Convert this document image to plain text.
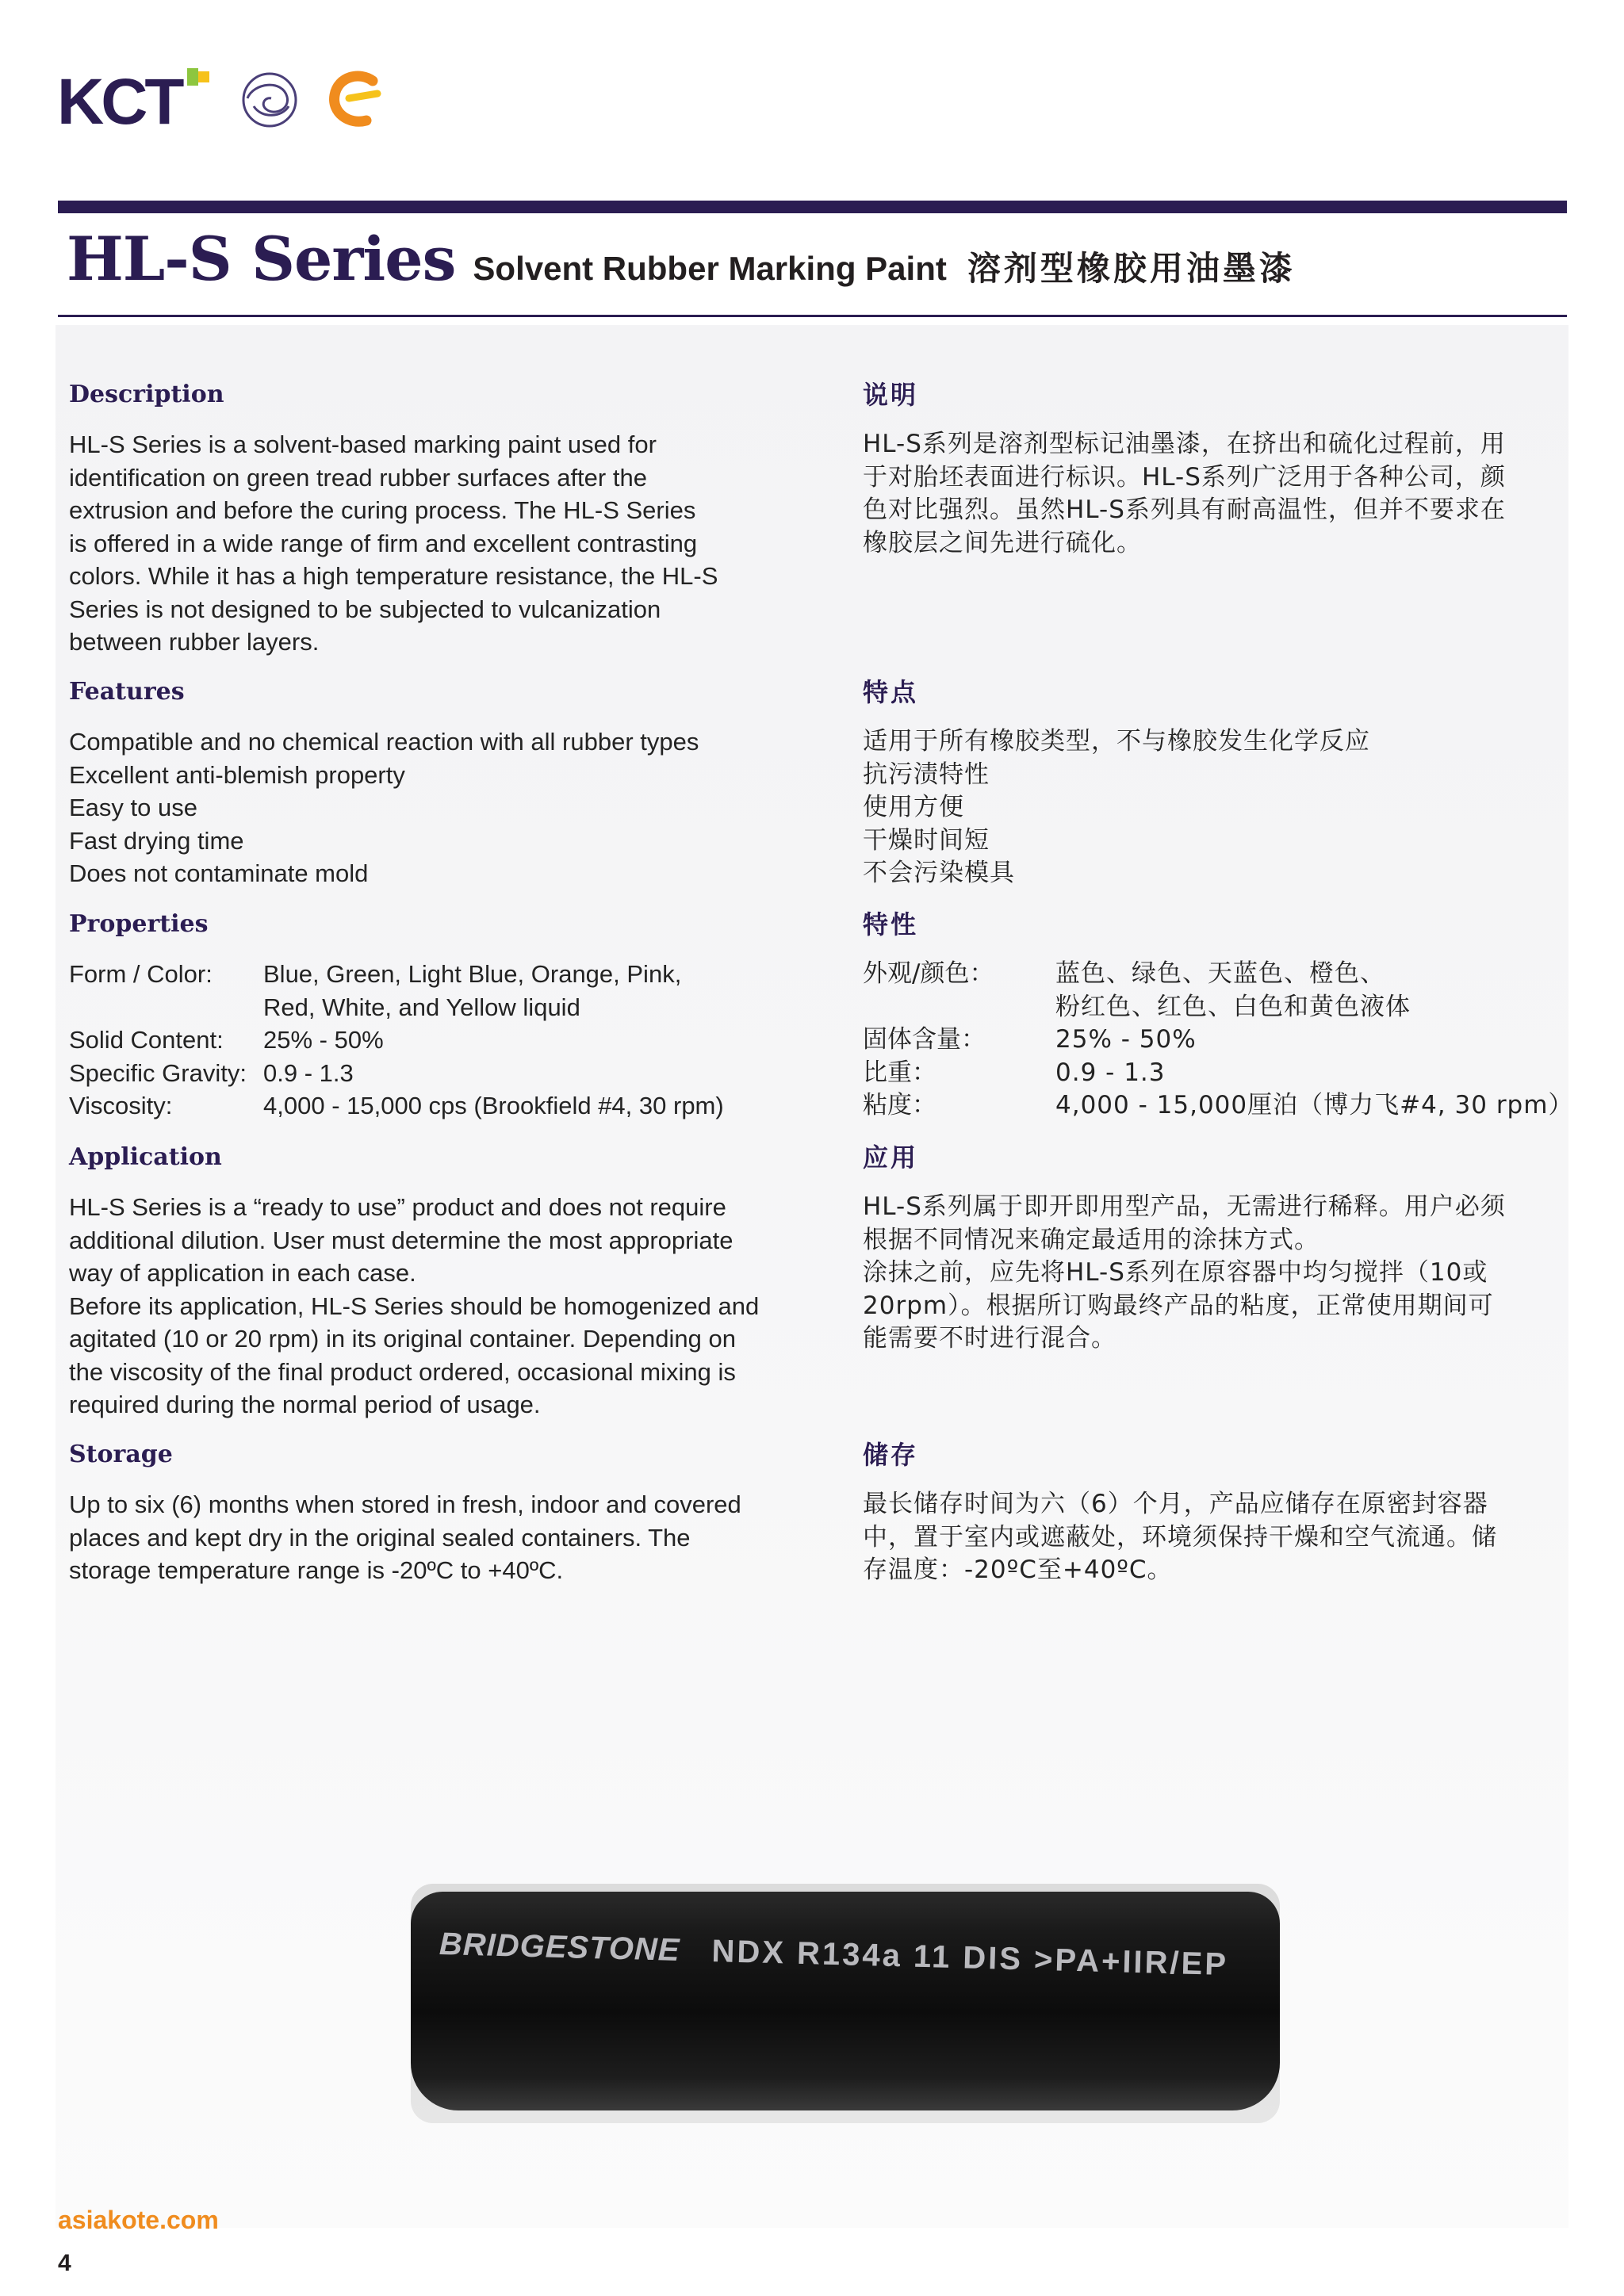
KCT
HL-S Series Solvent Rubber Marking Paint 溶剂型橡胶用油墨漆
Description
HL-S Series is a solvent-based marking paint used for
identification on green tread rubber surfaces after the
extrusion and before the curing process. The HL-S Series
is offered in a wide range of firm and excellent contrasting
colors. While it has a high temperature resistance, the HL-S
Series is not designed to be subjected to vulcanization
between rubber layers.
Features
Compatible and no chemical reaction with all rubber types
Excellent anti-blemish property
Easy to use
Fast drying time
Does not contaminate mold
Properties
Form / Color:	Blue, Green, Light Blue, Orange, Pink,
Red, White, and Yellow liquid
Solid Content:	25% - 50%
Specific Gravity: 0.9 - 1.3
Viscosity:	4,000 - 15,000 cps (Brookfield #4, 30 rpm)
Application
HL-S Series is a “ready to use” product and does not require
additional dilution. User must determine the most appropriate
way of application in each case.
Before its application, HL-S Series should be homogenized and
agitated (10 or 20 rpm) in its original container. Depending on
the viscosity of the final product ordered, occasional mixing is
required during the normal period of usage.
Storage
Up to six (6) months when stored in fresh, indoor and covered
places and kept dry in the original sealed containers. The
storage temperature range is -20ºC to +40ºC.
说明
HL-S系列是溶剂型标记油墨漆，在挤出和硫化过程前，用
于对胎坯表面进行标识。HL-S系列广泛用于各种公司，颜
色对比强烈。虽然HL-S系列具有耐高温性，但并不要求在
橡胶层之间先进行硫化。
特点
适用于所有橡胶类型，不与橡胶发生化学反应
抗污渍特性
使用方便
干燥时间短
不会污染模具
特性
外观/颜色：	蓝色、绿色、天蓝色、橙色、
粉红色、红色、白色和黄色液体
固体含量：	25% - 50%
比重：	0.9 - 1.3
粘度：	4,000 - 15,000厘泊（博力飞#4, 30 rpm）
应用
HL-S系列属于即开即用型产品，无需进行稀释。用户必须
根据不同情况来确定最适用的涂抹方式。
涂抹之前，应先将HL-S系列在原容器中均匀搅拌（10或
20rpm）。根据所订购最终产品的粘度，正常使用期间可
能需要不时进行混合。
储存
最长储存时间为六（6）个月，产品应储存在原密封容器
中，置于室内或遮蔽处，环境须保持干燥和空气流通。储
存温度：-20ºC至+40ºC。
BRIDGESTONE NDX R134a 11 DIS >PA+IIR/EP
asiakote.com
4
